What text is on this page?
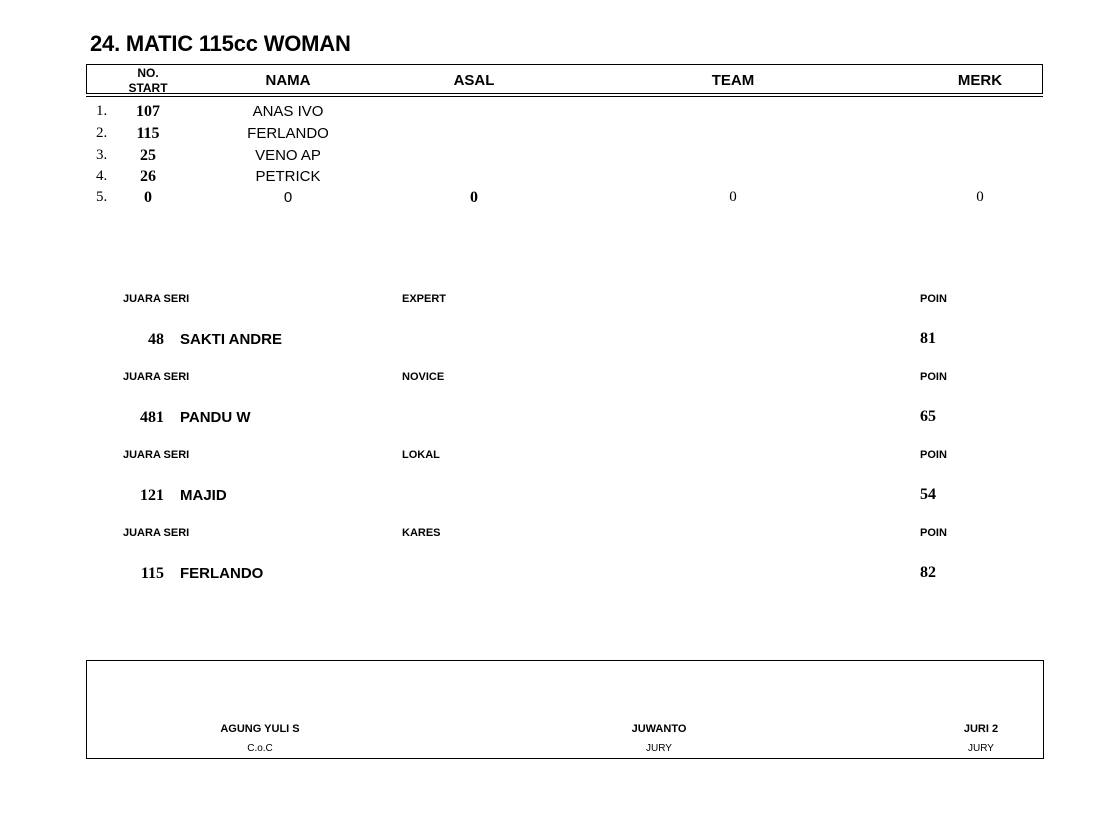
24. MATIC 115cc WOMAN
NO.
START	NAMA	ASAL	TEAM	MERK
1.	107	ANAS IVO
2.	115	FERLANDO
3.	25	VENO AP
4.	26	PETRICK
5.	0	0	0	0	0
JUARA SERI	EXPERT	POIN
48 SAKTI ANDRE	81
JUARA SERI	NOVICE	POIN
481 PANDU W	65
JUARA SERI	LOKAL	POIN
121 MAJID	54
JUARA SERI	KARES	POIN
115 FERLANDO	82
AGUNG YULI S
C.o.C
JUWANTO
JURY
JURI 2
JURY
